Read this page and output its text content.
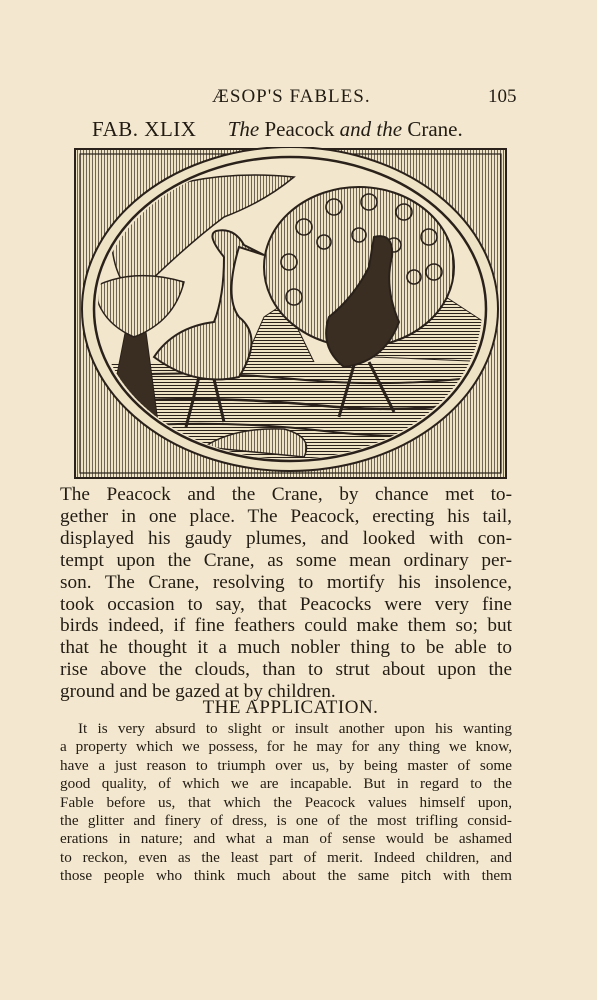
ÆSOP'S FABLES.	105
FAB. XLIX The Peacock and the Crane.
The Peacock and the Crane, by chance met to-
gether in one place. The Peacock, erecting his tail,
displayed his gaudy plumes, and looked with con-
tempt upon the Crane, as some mean ordinary per-
son. The Crane, resolving to mortify his insolence,
took occasion to say, that Peacocks were very fine
birds indeed, if fine feathers could make them so; but
that he thought it a much nobler thing to be able to
rise above the clouds, than to strut about upon the
ground and be gazed at by children.
THE APPLICATION.
It is very absurd to slight or insult another upon his wanting
a property which we possess, for he may for any thing we know,
have a just reason to triumph over us, by being master of some
good quality, of which we are incapable. But in regard to the
Fable before us, that which the Peacock values himself upon,
the glitter and finery of dress, is one of the most trifling consid-
erations in nature; and what a man of sense would be ashamed
to reckon, even as the least part of merit. Indeed children, and
those people who think much about the same pitch with them
